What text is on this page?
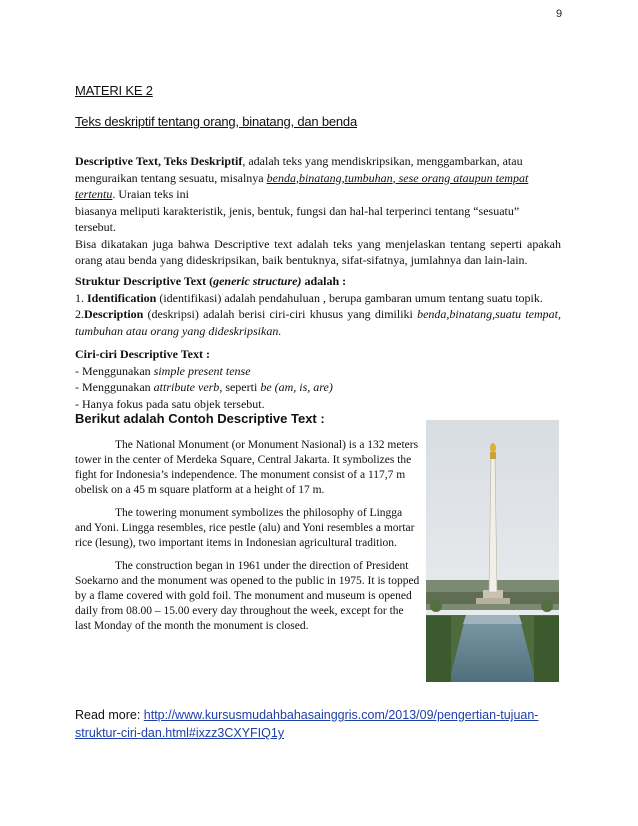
9
MATERI KE 2
Teks deskriptif tentang orang, binatang, dan benda
Descriptive Text, Teks Deskriptif, adalah teks yang mendiskripsikan, menggambarkan, atau
menguraikan tentang sesuatu, misalnya benda,binatang,tumbuhan, sese orang ataupun tempat
tertentu. Uraian teks ini
biasanya meliputi karakteristik, jenis, bentuk, fungsi dan hal-hal terperinci tentang “sesuatu”
tersebut.
Bisa dikatakan juga bahwa Descriptive text adalah teks yang menjelaskan tentang seperti apakah orang atau benda yang dideskripsikan, baik bentuknya, sifat-sifatnya, jumlahnya dan lain-lain.
Struktur Descriptive Text (generic structure) adalah :
1. Identification (identifikasi) adalah pendahuluan , berupa gambaran umum tentang suatu topik.
2.Description (deskripsi) adalah berisi ciri-ciri khusus yang dimiliki benda,binatang,suatu tempat, tumbuhan atau orang yang dideskripsikan.
Ciri-ciri Descriptive Text :
- Menggunakan simple present tense
- Menggunakan attribute verb, seperti be (am, is, are)
- Hanya fokus pada satu objek tersebut.
Berikut adalah Contoh Descriptive Text :

The National Monument (or Monument Nasional) is a 132 meters tower in the center of Merdeka Square, Central Jakarta. It symbolizes the fight for Indonesia’s independence. The monument consist of a 117,7 m obelisk on a 45 m square platform at a height of 17 m.

The towering monument symbolizes the philosophy of Lingga and Yoni. Lingga resembles, rice pestle (alu) and Yoni resembles a mortar rice (lesung), two important items in Indonesian agricultural tradition.

The construction began in 1961 under the direction of President Soekarno and the monument was opened to the public in 1975. It is topped by a flame covered with gold foil. The monument and museum is opened daily from 08.00 – 15.00 every day throughout the week, except for the last Monday of the month the monument is closed.

Read more: http://www.kursusmudahbahasainggris.com/2013/09/pengertian-tujuan-struktur-ciri-dan.html#ixzz3CXYFIQ1y
